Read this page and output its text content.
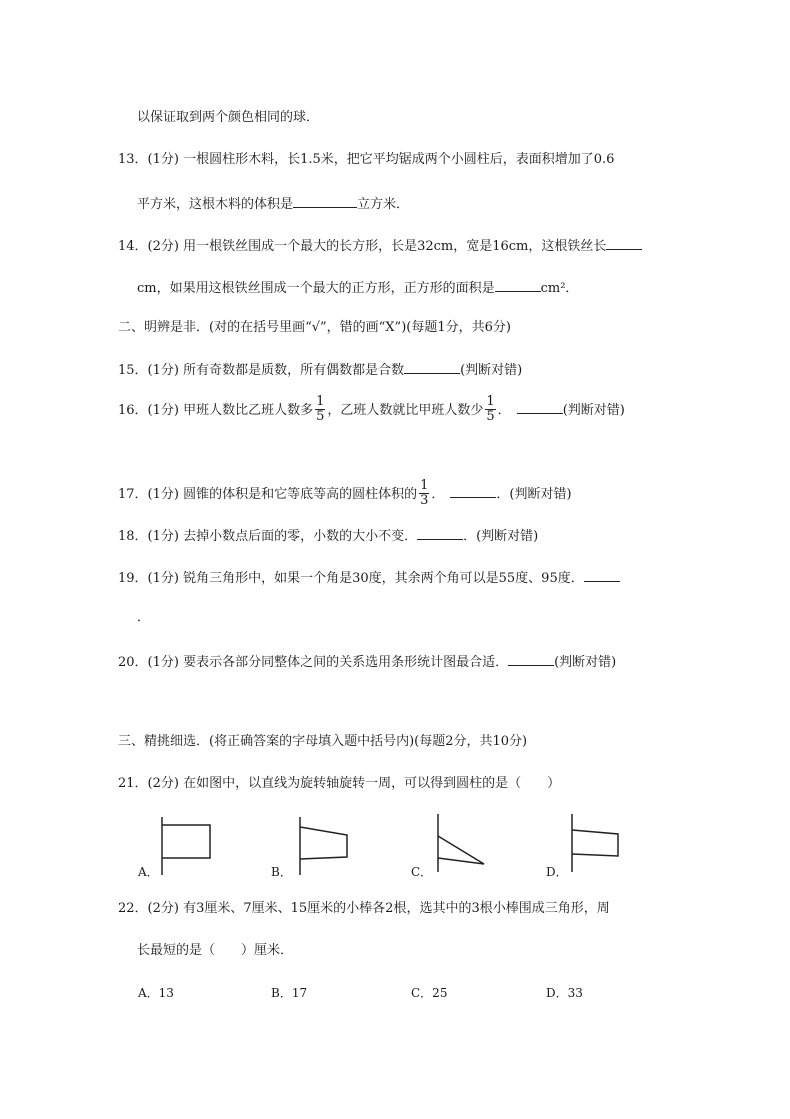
以保证取到两个颜色相同的球．
13．(1分) 一根圆柱形木料，长1.5米，把它平均锯成两个小圆柱后，表面积增加了0.6
平方米，这根木料的体积是	立方米．
14．(2分) 用一根铁丝围成一个最大的长方形，长是32cm，宽是16cm，这根铁丝长
cm，如果用这根铁丝围成一个最大的正方形，正方形的面积是	cm²．
二、明辨是非．(对的在括号里画“√”，错的画“X”)(每题1分，共6分)
15．(1分) 所有奇数都是质数，所有偶数都是合数	(判断对错)
16．(1分) 甲班人数比乙班人数多 $\frac{1}{5}$ ，乙班人数就比甲班人数少 $\frac{1}{5}$ ．	(判断对错)
17．(1分) 圆锥的体积是和它等底等高的圆柱体积的 $\frac{1}{3}$ ．	．(判断对错)
18．(1分) 去掉小数点后面的零，小数的大小不变．	．(判断对错)
19．(1分) 锐角三角形中，如果一个角是30度，其余两个角可以是55度、95度．
．
20．(1分) 要表示各部分同整体之间的关系选用条形统计图最合适．	(判断对错)
三、精挑细选．(将正确答案的字母填入题中括号内)(每题2分，共10分)
21．(2分) 在如图中，以直线为旋转轴旋转一周，可以得到圆柱的是（　　）
A．	B．	C．	D．
22．(2分) 有3厘米、7厘米、15厘米的小棒各2根，选其中的3根小棒围成三角形，周
长最短的是（　　）厘米．
A．13	B．17	C．25	D．33
